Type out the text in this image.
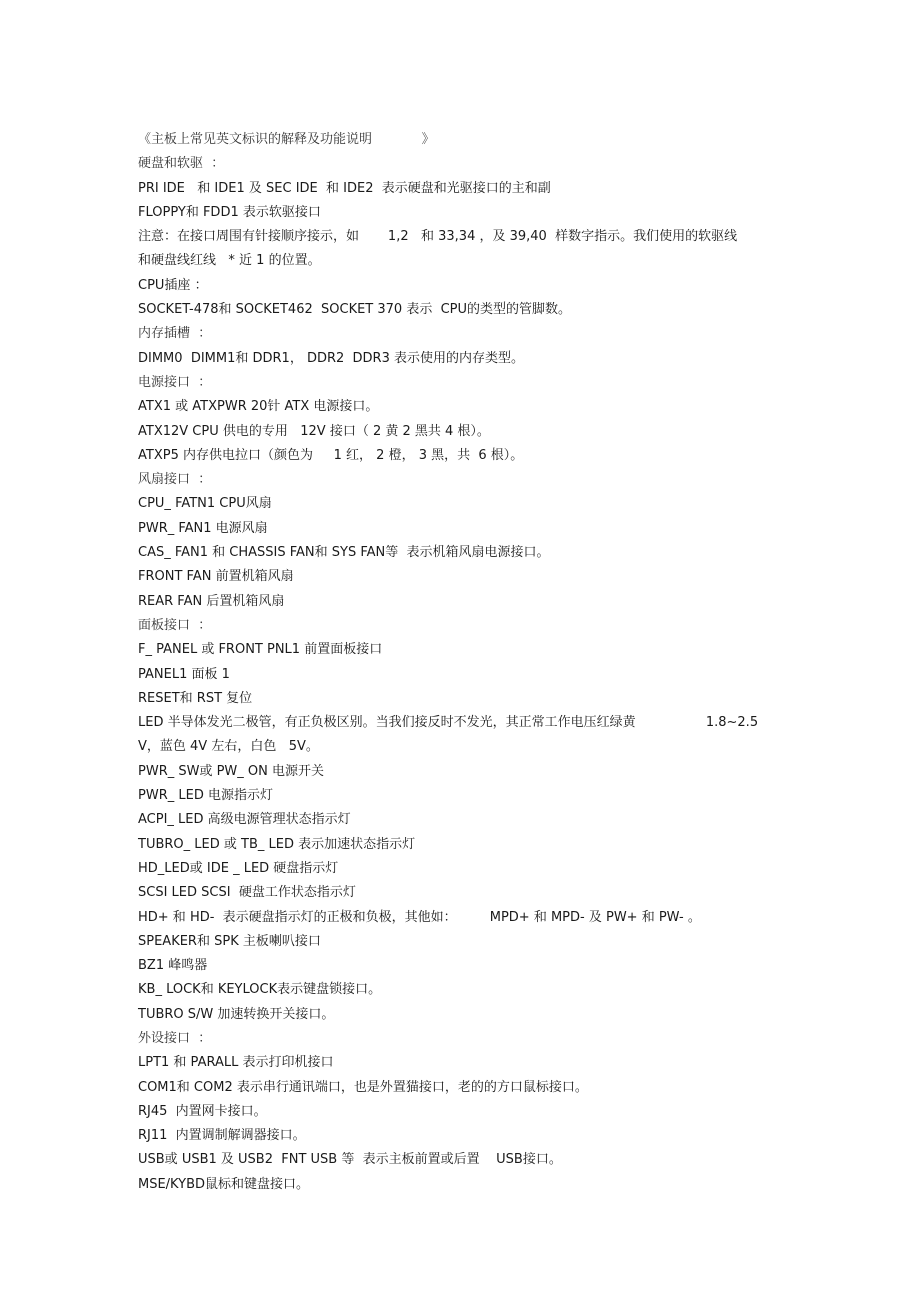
《主板上常见英文标识的解释及功能说明            》
硬盘和软驱  ：
PRI IDE   和 IDE1 及 SEC IDE  和 IDE2  表示硬盘和光驱接口的主和副
FLOPPY和 FDD1 表示软驱接口
注意：在接口周围有针接顺序接示，如       1,2   和 33,34 ，及 39,40  样数字指示。我们使用的软驱线
和硬盘线红线   * 近 1 的位置。
CPU插座 ：
SOCKET-478和 SOCKET462  SOCKET 370 表示  CPU的类型的管脚数。
内存插槽  ：
DIMM0  DIMM1和 DDR1， DDR2  DDR3 表示使用的内存类型。
电源接口  ：
ATX1 或 ATXPWR 20针 ATX 电源接口。
ATX12V CPU 供电的专用   12V 接口（ 2 黄 2 黑共 4 根）。
ATXP5 内存供电拉口（颜色为     1 红， 2 橙， 3 黑，共  6 根）。
风扇接口  ：
CPU_ FATN1 CPU风扇
PWR_ FAN1 电源风扇
CAS_ FAN1 和 CHASSIS FAN和 SYS FAN等  表示机箱风扇电源接口。
FRONT FAN 前置机箱风扇
REAR FAN 后置机箱风扇
面板接口  ：
F_ PANEL 或 FRONT PNL1 前置面板接口
PANEL1 面板 1
RESET和 RST 复位
LED 半导体发光二极管，有正负极区别。当我们接反时不发光，其正常工作电压红绿黄                 1.8~2.5
V，蓝色 4V 左右，白色   5V。
PWR_ SW或 PW_ ON 电源开关
PWR_ LED 电源指示灯
ACPI_ LED 高级电源管理状态指示灯
TUBRO_ LED 或 TB_ LED 表示加速状态指示灯
HD_LED或 IDE _ LED 硬盘指示灯
SCSI LED SCSI  硬盘工作状态指示灯
HD+ 和 HD-  表示硬盘指示灯的正极和负极，其他如：        MPD+ 和 MPD- 及 PW+ 和 PW- 。
SPEAKER和 SPK 主板喇叭接口
BZ1 峰鸣器
KB_ LOCK和 KEYLOCK表示键盘锁接口。
TUBRO S/W 加速转换开关接口。
外设接口  ：
LPT1 和 PARALL 表示打印机接口
COM1和 COM2 表示串行通讯端口，也是外置猫接口，老的的方口鼠标接口。
RJ45  内置网卡接口。
RJ11  内置调制解调器接口。
USB或 USB1 及 USB2  FNT USB 等  表示主板前置或后置    USB接口。
MSE/KYBD鼠标和键盘接口。
